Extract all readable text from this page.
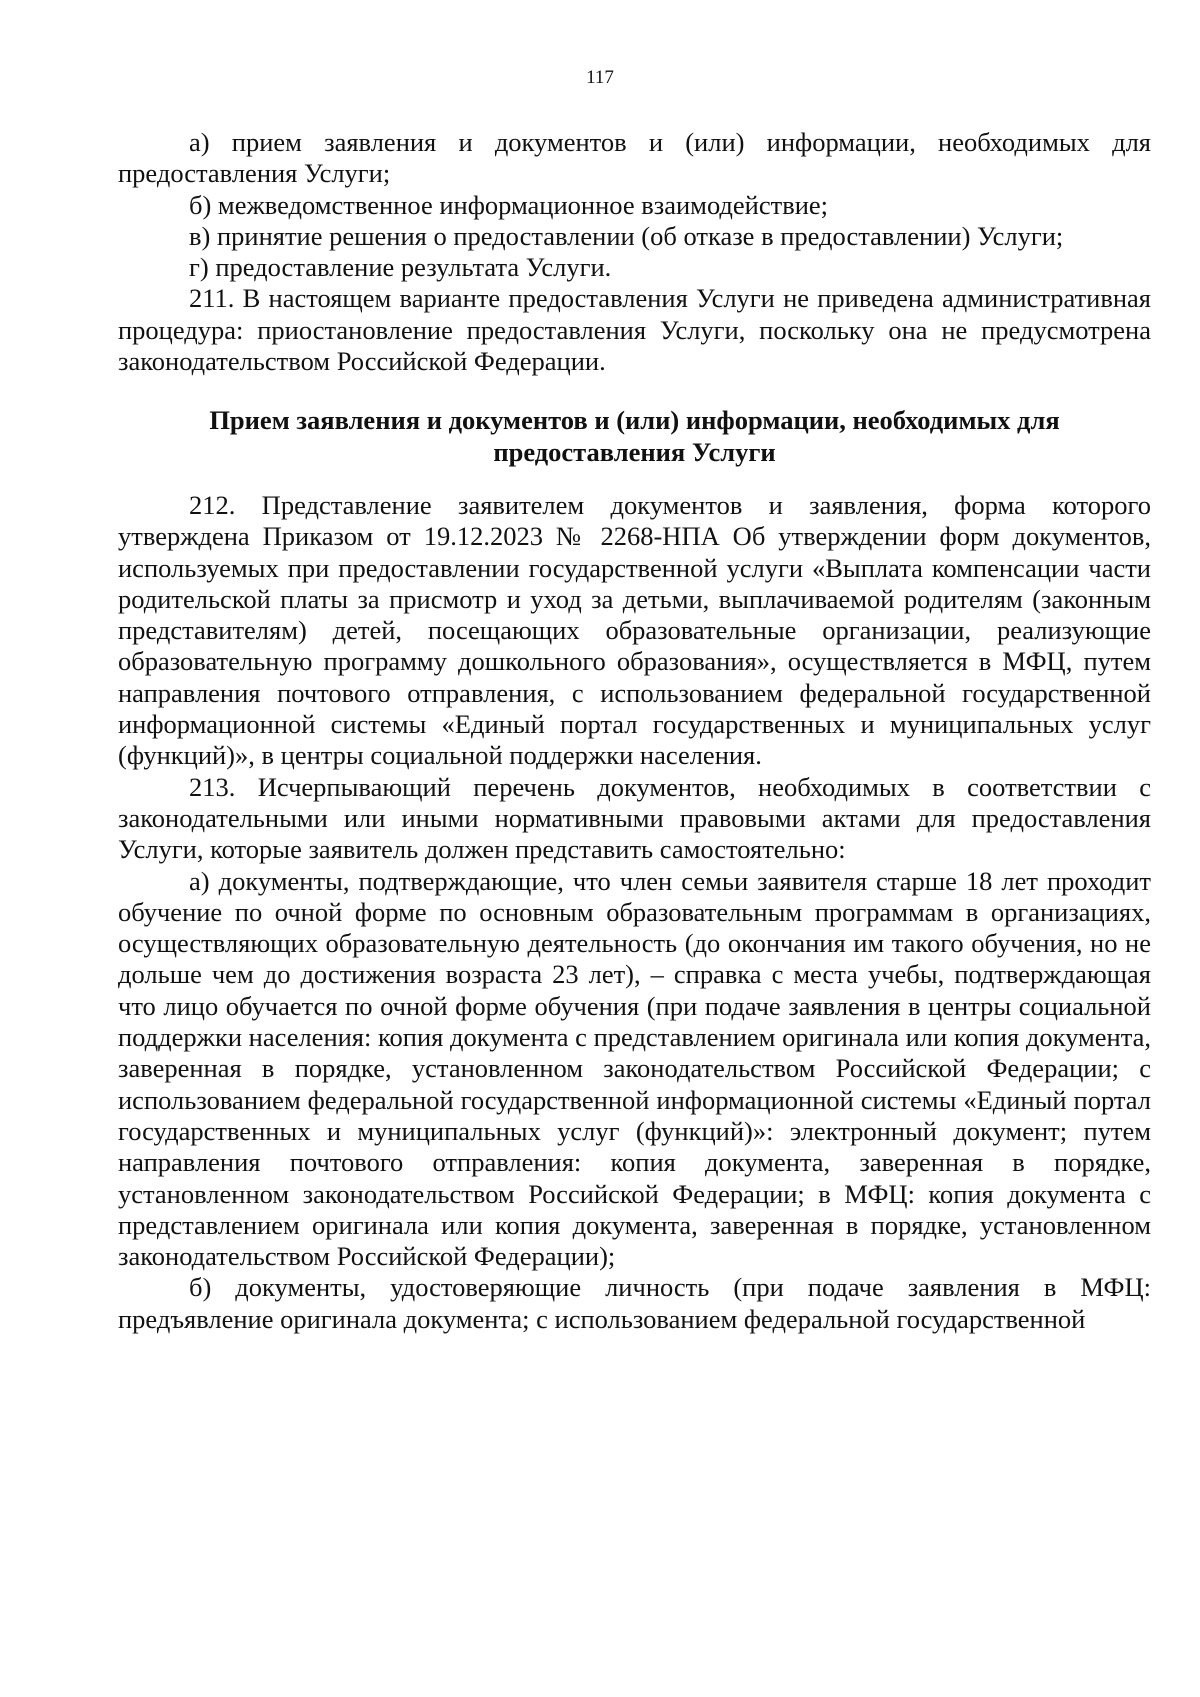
117

а) прием заявления и документов и (или) информации, необходимых для предоставления Услуги;

б) межведомственное информационное взаимодействие;

в) принятие решения о предоставлении (об отказе в предоставлении) Услуги;

г) предоставление результата Услуги.

211. В настоящем варианте предоставления Услуги не приведена административная процедура: приостановление предоставления Услуги, поскольку она не предусмотрена законодательством Российской Федерации.

Прием заявления и документов и (или) информации, необходимых для
предоставления Услуги

212. Представление заявителем документов и заявления, форма которого утверждена Приказом от 19.12.2023 № 2268-НПА Об утверждении форм документов, используемых при предоставлении государственной услуги «Выплата компенсации части родительской платы за присмотр и уход за детьми, выплачиваемой родителям (законным представителям) детей, посещающих образовательные организации, реализующие образовательную программу дошкольного образования», осуществляется в МФЦ, путем направления почтового отправления, с использованием федеральной государственной информационной системы «Единый портал государственных и муниципальных услуг (функций)», в центры социальной поддержки населения.

213. Исчерпывающий перечень документов, необходимых в соответствии с законодательными или иными нормативными правовыми актами для предоставления Услуги, которые заявитель должен представить самостоятельно:

а) документы, подтверждающие, что член семьи заявителя старше 18 лет проходит обучение по очной форме по основным образовательным программам в организациях, осуществляющих образовательную деятельность (до окончания им такого обучения, но не дольше чем до достижения возраста 23 лет), – справка с места учебы, подтверждающая что лицо обучается по очной форме обучения (при подаче заявления в центры социальной поддержки населения: копия документа с представлением оригинала или копия документа, заверенная в порядке, установленном законодательством Российской Федерации; с использованием федеральной государственной информационной системы «Единый портал государственных и муниципальных услуг (функций)»: электронный документ; путем направления почтового отправления: копия документа, заверенная в порядке, установленном законодательством Российской Федерации; в МФЦ: копия документа с представлением оригинала или копия документа, заверенная в порядке, установленном законодательством Российской Федерации);

б) документы, удостоверяющие личность (при подаче заявления в МФЦ: предъявление оригинала документа; с использованием федеральной государственной
